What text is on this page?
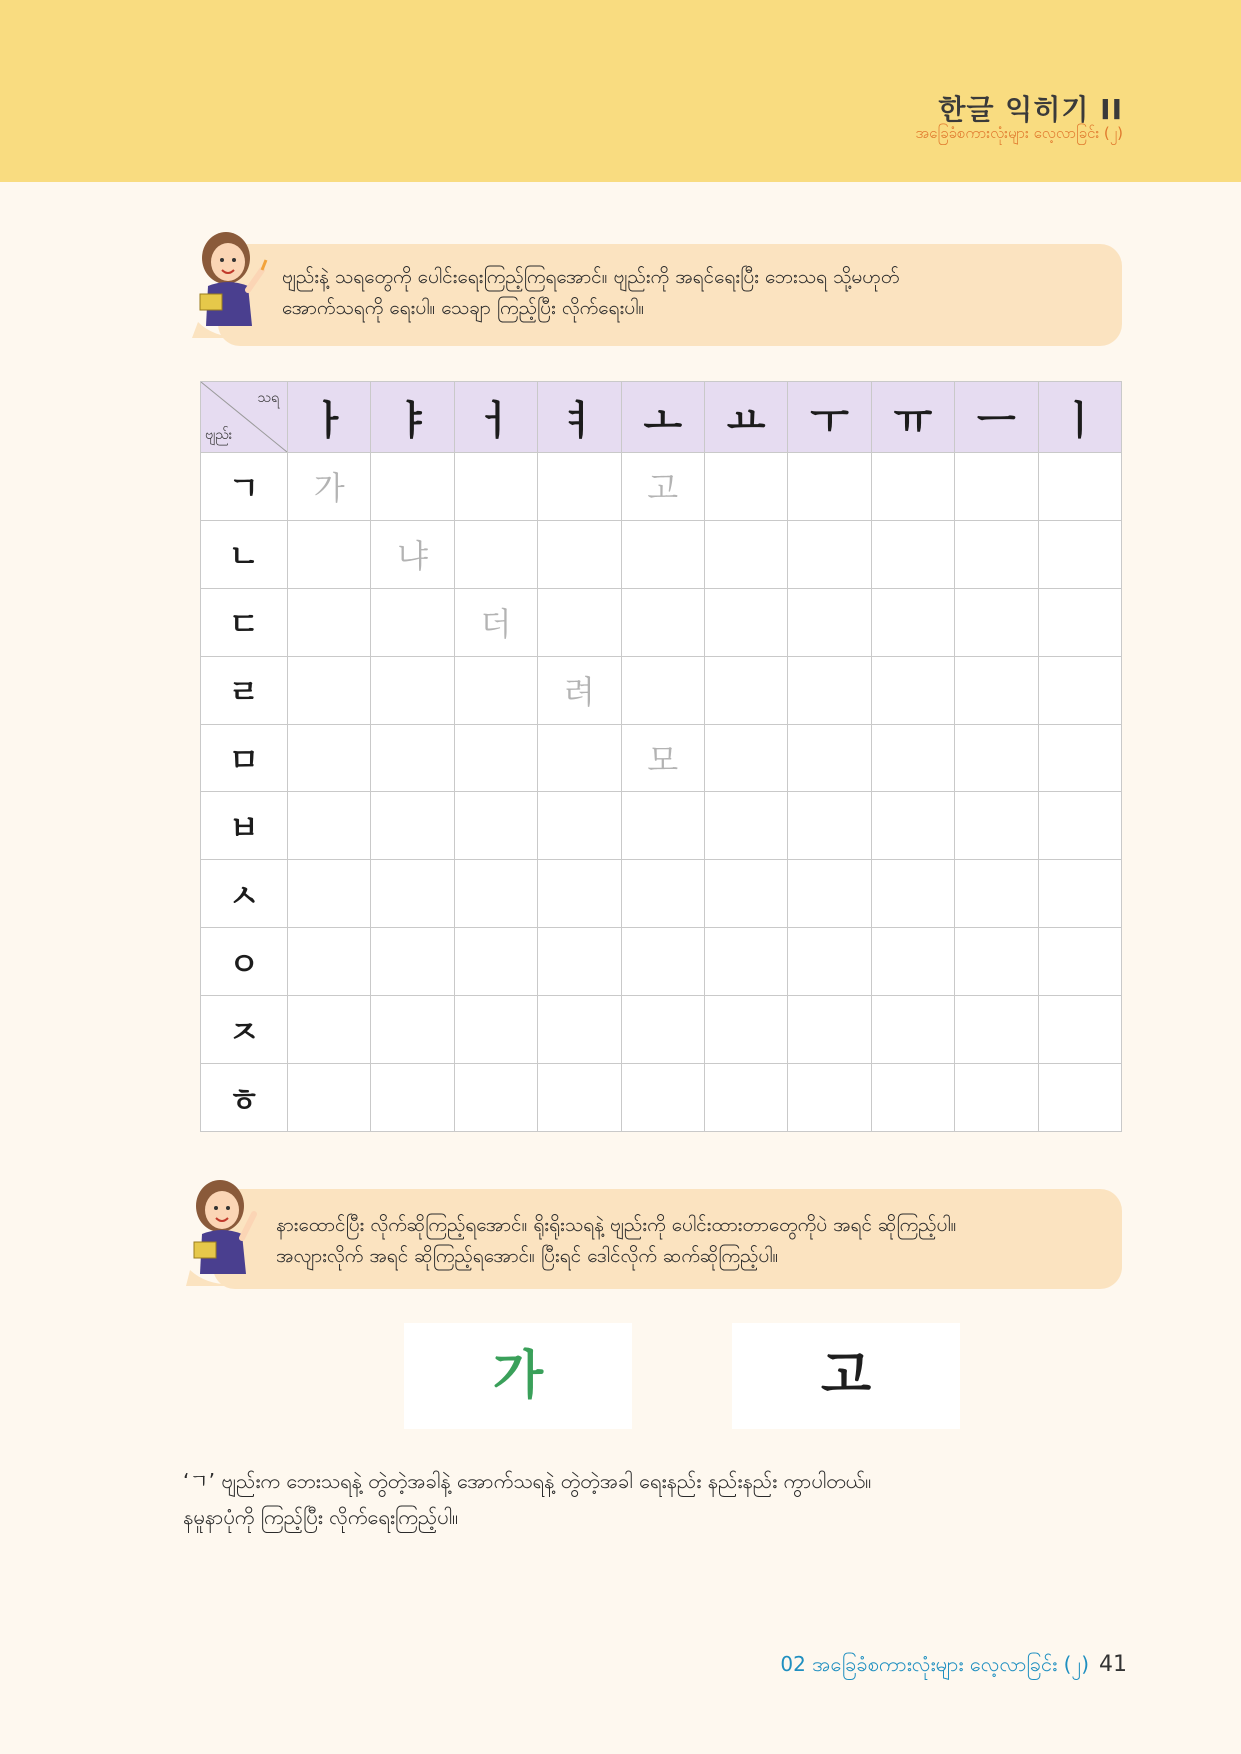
한글 익히기 II
အခြေခံစကားလုံးများ လေ့လာခြင်း (၂)
ဗျည်းနဲ့ သရတွေကို ပေါင်းရေးကြည့်ကြရအောင်။ ဗျည်းကို အရင်ရေးပြီး ဘေးသရ သို့မဟုတ်
အောက်သရကို ရေးပါ။ သေချာ ကြည့်ပြီး လိုက်ရေးပါ။
သရ
ဗျည်း	ㅏ	ㅑ	ㅓ	ㅕ	ㅗ	ㅛ	ㅜ	ㅠ	ㅡ	ㅣ
ㄱ	가				고					
ㄴ		냐								
ㄷ			더							
ㄹ				려						
ㅁ					모					
ㅂ										
ㅅ										
ㅇ										
ㅈ										
ㅎ										
နားထောင်ပြီး လိုက်ဆိုကြည့်ရအောင်။ ရိုးရိုးသရနဲ့ ဗျည်းကို ပေါင်းထားတာတွေကိုပဲ အရင် ဆိုကြည့်ပါ။
အလျားလိုက် အရင် ဆိုကြည့်ရအောင်။ ပြီးရင် ဒေါင်လိုက် ဆက်ဆိုကြည့်ပါ။
가	고
‘ㄱ’ ဗျည်းက ဘေးသရနဲ့ တွဲတဲ့အခါနဲ့ အောက်သရနဲ့ တွဲတဲ့အခါ ရေးနည်း နည်းနည်း ကွာပါတယ်။
နမူနာပုံကို ကြည့်ပြီး လိုက်ရေးကြည့်ပါ။
02 အခြေခံစကားလုံးများ လေ့လာခြင်း (၂) 41
